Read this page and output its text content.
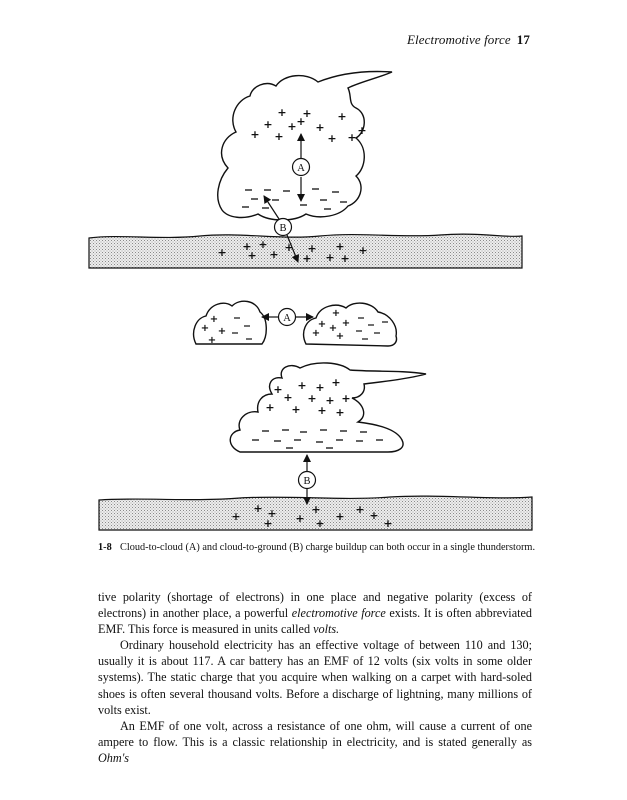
Electromotive force 17
+ + +
+ + +
+ +	+ +
+
+
A
+ + + + + +
+ + + + + +
B
+
+ +
+
+
+ + +
+ +
A
+ + + +
+ + + +
+ + + +
+ +	+	+
+	+	+ +
+	+	+
B
1-8 Cloud-to-cloud (A) and cloud-to-ground (B) charge buildup can both occur in a single thunderstorm.

tive polarity (shortage of electrons) in one place and negative polarity (excess of electrons) in another place, a powerful electromotive force exists. It is often abbreviated EMF. This force is measured in units called volts.

Ordinary household electricity has an effective voltage of between 110 and 130; usually it is about 117. A car battery has an EMF of 12 volts (six volts in some older systems). The static charge that you acquire when walking on a carpet with hard-soled shoes is often several thousand volts. Before a discharge of lightning, many millions of volts exist.

An EMF of one volt, across a resistance of one ohm, will cause a current of one ampere to flow. This is a classic relationship in electricity, and is stated generally as Ohm's
